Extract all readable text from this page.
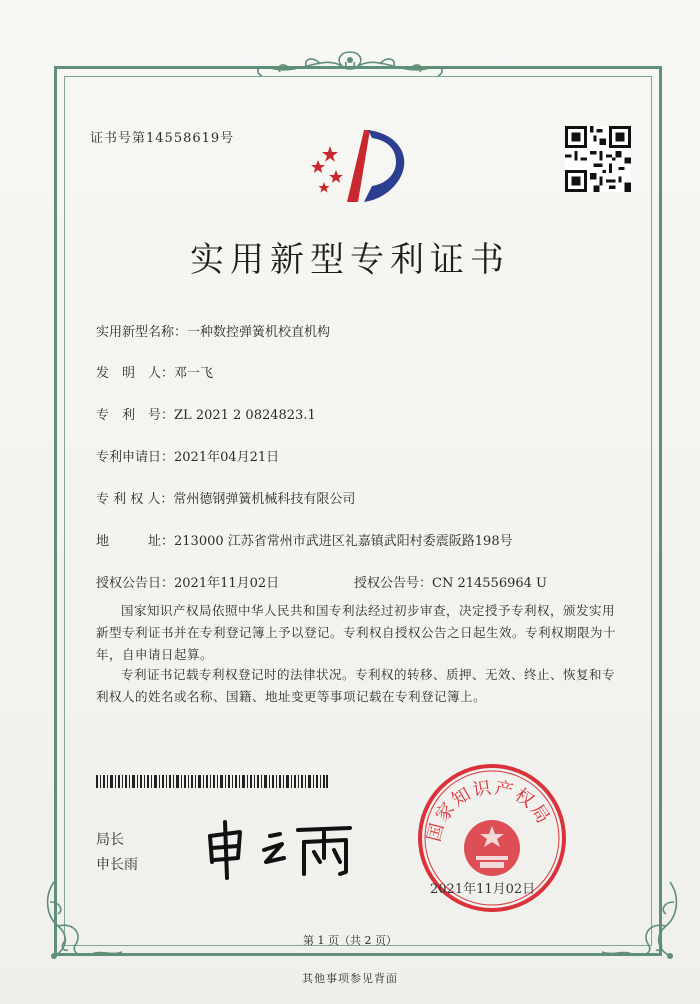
证书号第14558619号
实用新型专利证书
实用新型名称：一种数控弹簧机校直机构
发　明　人：邓一飞
专　利　号：ZL 2021 2 0824823.1
专利申请日：2021年04月21日
专 利 权 人：常州德钢弹簧机械科技有限公司
地　　　址：213000 江苏省常州市武进区礼嘉镇武阳村委震阪路198号
授权公告日：2021年11月02日	授权公告号：CN 214556964 U
国家知识产权局依照中华人民共和国专利法经过初步审查，决定授予专利权，颁发实用新型专利证书并在专利登记簿上予以登记。专利权自授权公告之日起生效。专利权期限为十年，自申请日起算。
专利证书记载专利权登记时的法律状况。专利权的转移、质押、无效、终止、恢复和专利权人的姓名或名称、国籍、地址变更等事项记载在专利登记簿上。
局长
申长雨
国家知识产权局
2021年11月02日
第 1 页（共 2 页）
其他事项参见背面
